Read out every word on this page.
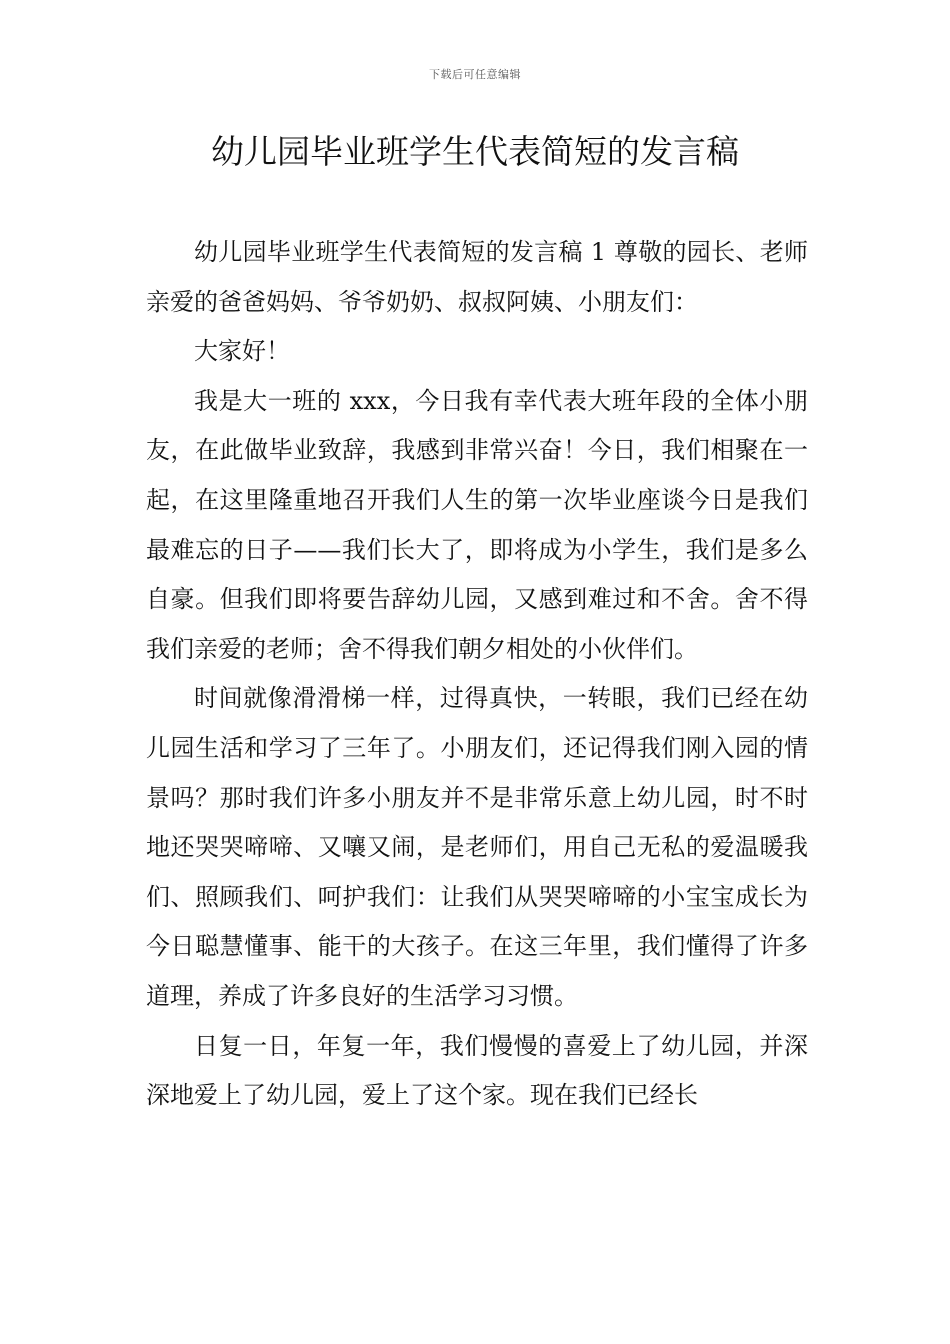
下载后可任意编辑
幼儿园毕业班学生代表简短的发言稿

幼儿园毕业班学生代表简短的发言稿 1 尊敬的园长、老师亲爱的爸爸妈妈、爷爷奶奶、叔叔阿姨、小朋友们：

大家好！

我是大一班的 xxx，今日我有幸代表大班年段的全体小朋友，在此做毕业致辞，我感到非常兴奋！今日，我们相聚在一起，在这里隆重地召开我们人生的第一次毕业座谈今日是我们最难忘的日子——我们长大了，即将成为小学生，我们是多么自豪。但我们即将要告辞幼儿园，又感到难过和不舍。舍不得我们亲爱的老师；舍不得我们朝夕相处的小伙伴们。

时间就像滑滑梯一样，过得真快，一转眼，我们已经在幼儿园生活和学习了三年了。小朋友们，还记得我们刚入园的情景吗？那时我们许多小朋友并不是非常乐意上幼儿园，时不时地还哭哭啼啼、又嚷又闹，是老师们，用自己无私的爱温暖我们、照顾我们、呵护我们：让我们从哭哭啼啼的小宝宝成长为今日聪慧懂事、能干的大孩子。在这三年里，我们懂得了许多道理，养成了许多良好的生活学习习惯。

日复一日，年复一年，我们慢慢的喜爱上了幼儿园，并深深地爱上了幼儿园，爱上了这个家。现在我们已经长
